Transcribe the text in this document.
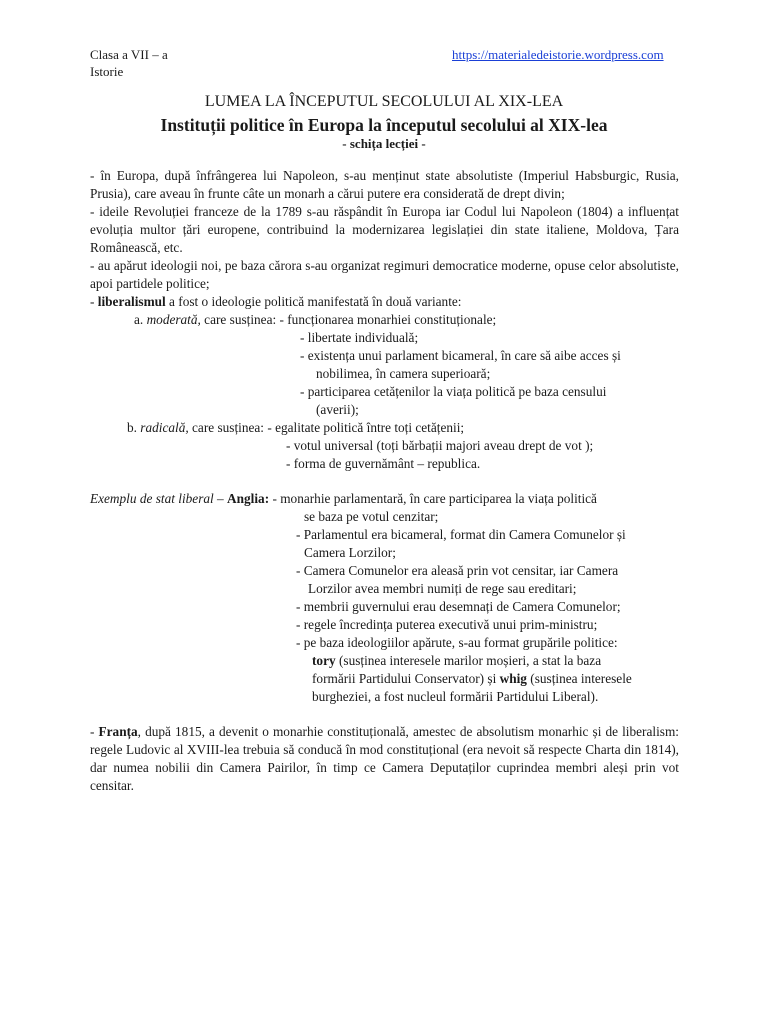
Clasa a VII – a
Istorie
https://materialedeistorie.wordpress.com
LUMEA LA ÎNCEPUTUL SECOLULUI AL XIX-LEA
Instituții politice în Europa la începutul secolului al XIX-lea
- schița lecției -
- în Europa, după înfrângerea lui Napoleon, s-au menținut state absolutiste (Imperiul Habsburgic, Rusia, Prusia), care aveau în frunte câte un monarh a cărui putere era considerată de drept divin;
- ideile Revoluției franceze de la 1789 s-au răspândit în Europa iar Codul lui Napoleon (1804) a influențat evoluția multor țări europene, contribuind la modernizarea legislației din state italiene, Moldova, Țara Românească, etc.
- au apărut ideologii noi, pe baza cărora s-au organizat regimuri democratice moderne, opuse celor absolutiste, apoi partidele politice;
- liberalismul a fost o ideologie politică manifestată în două variante:
a. moderată, care susținea: - funcționarea monarhiei constituționale;
- libertate individuală;
- existența unui parlament bicameral, în care să aibe acces și
nobilimea, în camera superioară;
- participarea cetățenilor la viața politică pe baza censului
(averii);
b. radicală, care susținea: - egalitate politică între toți cetățenii;
- votul universal (toți bărbații majori aveau drept de vot );
- forma de guvernământ – republica.
Exemplu de stat liberal – Anglia: - monarhie parlamentară, în care participarea la viața politică
se baza pe votul cenzitar;
- Parlamentul era bicameral, format din Camera Comunelor și
Camera Lorzilor;
- Camera Comunelor era aleasă prin vot censitar, iar Camera
Lorzilor avea membri numiți de rege sau ereditari;
- membrii guvernului erau desemnați de Camera Comunelor;
- regele încredința puterea executivă unui prim-ministru;
- pe baza ideologiilor apărute, s-au format grupările politice:
tory (susținea interesele marilor moșieri, a stat la baza
formării Partidului Conservator) și whig (susținea interesele
burgheziei, a fost nucleul formării Partidului Liberal).
- Franța, după 1815, a devenit o monarhie constituțională, amestec de absolutism monarhic și de liberalism: regele Ludovic al XVIII-lea trebuia să conducă în mod constituțional (era nevoit să respecte Charta din 1814), dar numea nobilii din Camera Pairilor, în timp ce Camera Deputaților cuprindea membri aleși prin vot censitar.
